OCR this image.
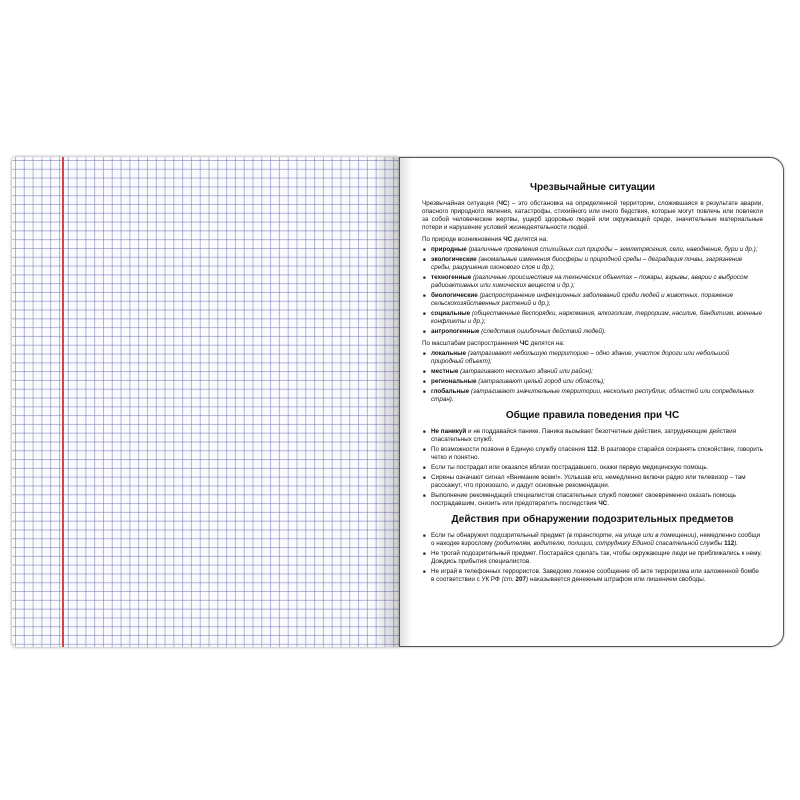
Чрезвычайные ситуации

Чрезвычайная ситуация (ЧС) – это обстановка на определенной территории, сложившаяся в результате аварии, опасного природного явления, катастрофы, стихийного или иного бедствия, которые могут повлечь или повлекли за собой человеческие жертвы, ущерб здоровью людей или окружающей среде, значительные материальные потери и нарушение условий жизнедеятельности людей.

По природе возникновения ЧС делятся на:

■ природные (различные проявления стихийных сил природы – землетрясения, сели, наводнения, бури и др.);
■ экологические (аномальные изменения биосферы и природной среды – деградация почвы, загрязнение среды, разрушение озонового слоя и др.);
■ техногенные (различные происшествия на технических объектах – пожары, взрывы, аварии с выбросом радиоактивных или химических веществ и др.);
■ биологические (распространение инфекционных заболеваний среди людей и животных, поражение сельскохозяйственных растений и др.);
■ социальные (общественные беспорядки, наркомания, алкоголизм, терроризм, насилие, бандитизм, военные конфликты и др.);
■ антропогенные (следствия ошибочных действий людей).

По масштабам распространения ЧС делятся на:

■ локальные (затрагивают небольшую территорию – одно здание, участок дороги или небольшой природный объект);
■ местные (затрагивают несколько зданий или район);
■ региональные (затрагивают целый город или область);
■ глобальные (затрагивают значительные территории, несколько республик, областей или сопредельных стран).
Общие правила поведения при ЧС
■ Не паникуй и не поддавайся панике. Паника вызывает безотчетные действия, затрудняющие действия спасательных служб.
■ По возможности позвони в Единую службу спасения 112. В разговоре старайся сохранять спокойствие, говорить четко и понятно.
■ Если ты пострадал или оказался вблизи пострадавшего, окажи первую медицинскую помощь.
■ Сирены означают сигнал «Внимание всем!». Услышав его, немедленно включи радио или телевизор – там расскажут, что произошло, и дадут основные рекомендации.
■ Выполнение рекомендаций специалистов спасательных служб поможет своевременно оказать помощь пострадавшим, снизить или предотвратить последствия ЧС.
Действия при обнаружении подозрительных предметов
■ Если ты обнаружил подозрительный предмет (в транспорте, на улице или в помещении), немедленно сообщи о находке взрослому (родителям, водителю, полиции, сотруднику Единой спасательной службы 112).
■ Не трогай подозрительный предмет. Постарайся сделать так, чтобы окружающие люди не приближались к нему. Дождись прибытия специалистов.
■ Не играй в телефонных террористов. Заведомо ложное сообщение об акте терроризма или заложенной бомбе в соответствии с УК РФ (ст. 207) наказывается денежным штрафом или лишением свободы.
